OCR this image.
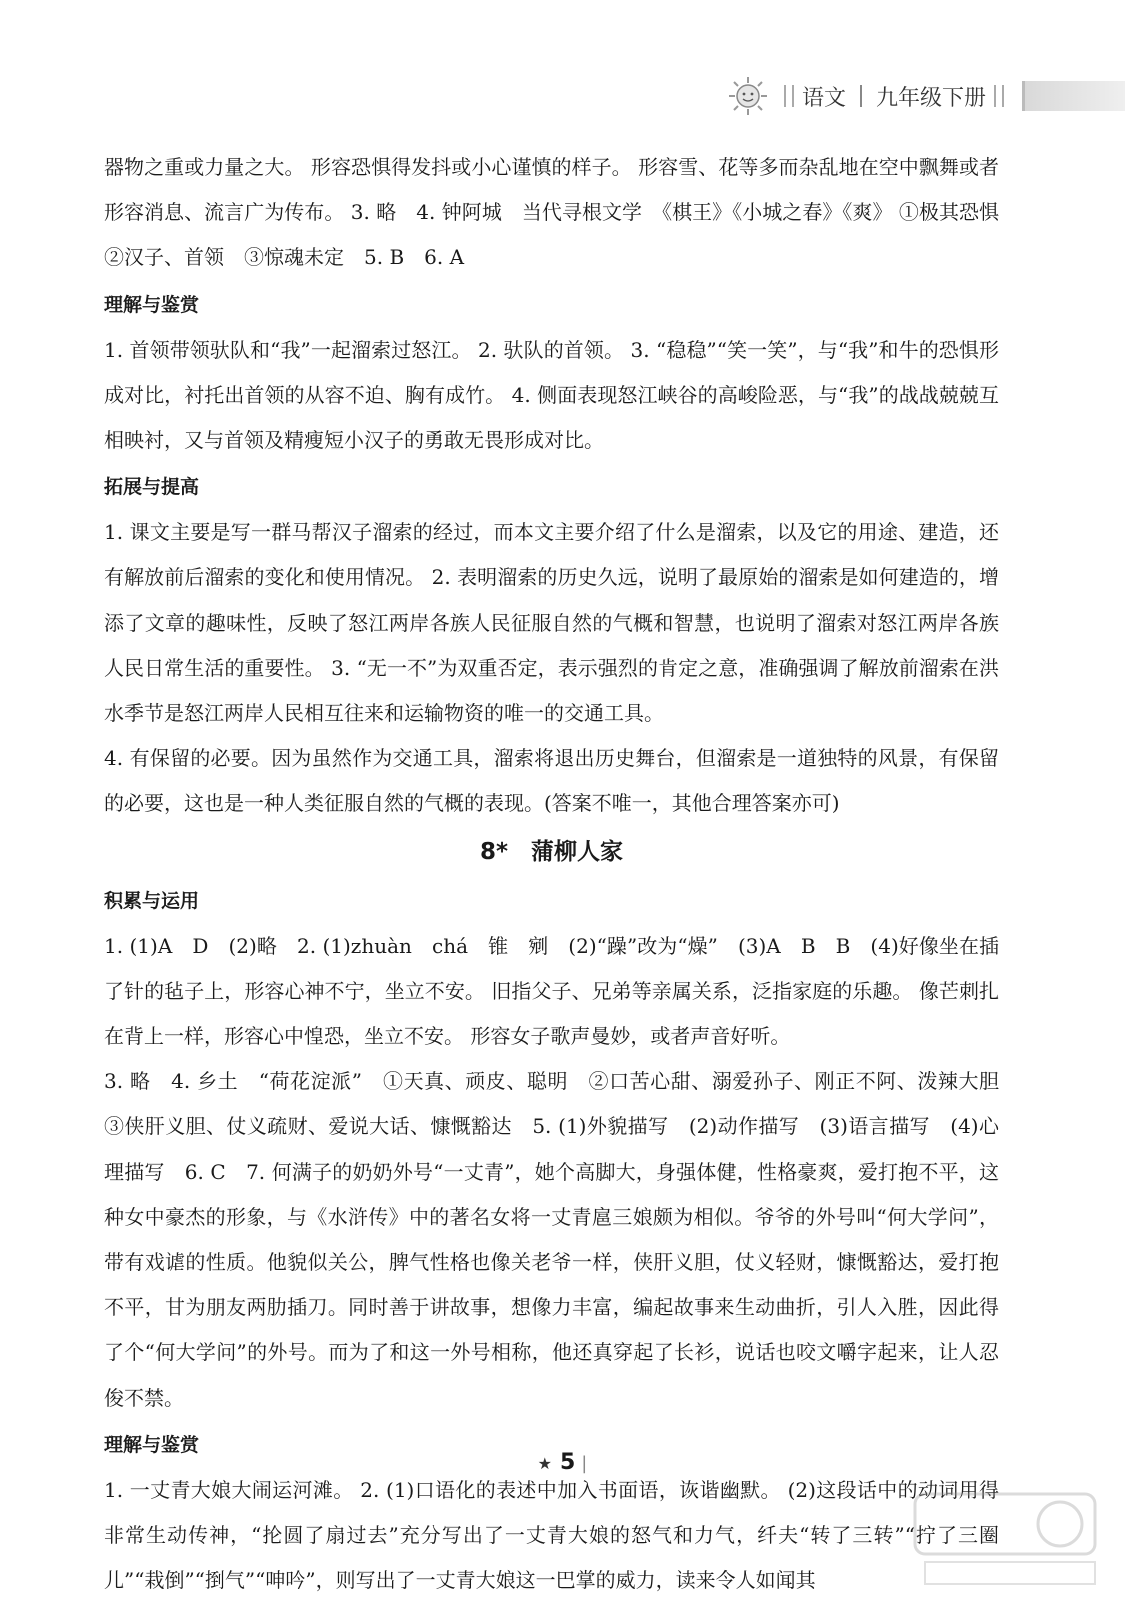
语文 九年级下册

器物之重或力量之大。 形容恐惧得发抖或小心谨慎的样子。 形容雪、花等多而杂乱地在空中飘舞或者形容消息、流言广为传布。 3. 略　4. 钟阿城　当代寻根文学　《棋王》《小城之春》《爽》 ①极其恐惧　②汉子、首领　③惊魂未定　5. B　6. A

理解与鉴赏

1. 首领带领驮队和“我”一起溜索过怒江。 2. 驮队的首领。 3. “稳稳”“笑一笑”，与“我”和牛的恐惧形成对比，衬托出首领的从容不迫、胸有成竹。 4. 侧面表现怒江峡谷的高峻险恶，与“我”的战战兢兢互相映衬，又与首领及精瘦短小汉子的勇敢无畏形成对比。

拓展与提高

1. 课文主要是写一群马帮汉子溜索的经过，而本文主要介绍了什么是溜索，以及它的用途、建造，还有解放前后溜索的变化和使用情况。 2. 表明溜索的历史久远，说明了最原始的溜索是如何建造的，增添了文章的趣味性，反映了怒江两岸各族人民征服自然的气概和智慧，也说明了溜索对怒江两岸各族人民日常生活的重要性。 3. “无一不”为双重否定，表示强烈的肯定之意，准确强调了解放前溜索在洪水季节是怒江两岸人民相互往来和运输物资的唯一的交通工具。

4. 有保留的必要。因为虽然作为交通工具，溜索将退出历史舞台，但溜索是一道独特的风景，有保留的必要，这也是一种人类征服自然的气概的表现。(答案不唯一，其他合理答案亦可)

8*　蒲柳人家
积累与运用

1. (1)A　D　(2)略　2. (1)zhuàn　chá　锥　剜　(2)“躁”改为“燥”　(3)A　B　B　(4)好像坐在插了针的毡子上，形容心神不宁，坐立不安。 旧指父子、兄弟等亲属关系，泛指家庭的乐趣。 像芒刺扎在背上一样，形容心中惶恐，坐立不安。 形容女子歌声曼妙，或者声音好听。

3. 略　4. 乡土　“荷花淀派”　①天真、顽皮、聪明　②口苦心甜、溺爱孙子、刚正不阿、泼辣大胆　③侠肝义胆、仗义疏财、爱说大话、慷慨豁达　5. (1)外貌描写　(2)动作描写　(3)语言描写　(4)心理描写　6. C　7. 何满子的奶奶外号“一丈青”，她个高脚大，身强体健，性格豪爽，爱打抱不平，这种女中豪杰的形象，与《水浒传》中的著名女将一丈青扈三娘颇为相似。爷爷的外号叫“何大学问”，带有戏谑的性质。他貌似关公，脾气性格也像关老爷一样，侠肝义胆，仗义轻财，慷慨豁达，爱打抱不平，甘为朋友两肋插刀。同时善于讲故事，想像力丰富，编起故事来生动曲折，引人入胜，因此得了个“何大学问”的外号。而为了和这一外号相称，他还真穿起了长衫，说话也咬文嚼字起来，让人忍俊不禁。

理解与鉴赏

1. 一丈青大娘大闹运河滩。 2. (1)口语化的表述中加入书面语，诙谐幽默。 (2)这段话中的动词用得非常生动传神，“抡圆了扇过去”充分写出了一丈青大娘的怒气和力气，纤夫“转了三转”“拧了三圈儿”“栽倒”“捯气”“呻吟”，则写出了一丈青大娘这一巴掌的威力，读来令人如闻其

★ 5 |
